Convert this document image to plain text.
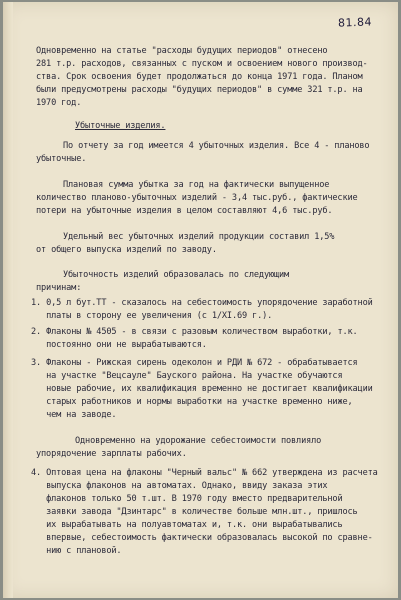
81.84
Одновременно на статье "расходы будущих периодов" отнесено
281 т.р. расходов, связанных с пуском и освоением нового производ-
ства. Срок освоения будет продолжаться до конца 1971 года. Планом
были предусмотрены расходы "будущих периодов" в сумме 321 т.р. на
1970 год.
Убыточные изделия.
По отчету за год имеется 4 убыточных изделия. Все 4 - планово
убыточные.
Плановая сумма убытка за год на фактически выпущенное
количество планово-убыточных изделий - 3,4 тыс.руб., фактические
потери на убыточные изделия в целом составляют 4,6 тыс.руб.
Удельный вес убыточных изделий продукции составил 1,5%
от общего выпуска изделий по заводу.
Убыточность изделий образовалась по следующим
причинам:
1. 0,5 л бут.ТТ - сказалось на себестоимость упорядочение заработной
платы в сторону ее увеличения (с 1/XI.69 г.).
2. Флаконы № 4505 - в связи с разовым количеством выработки, т.к.
постоянно они не вырабатываются.
3. Флаконы - Рижская сирень одеколон и РДИ № 672 - обрабатывается
на участке "Вецсауле" Бауского района. На участке обучаются
новые рабочие, их квалификация временно не достигает квалификации
старых работников и нормы выработки на участке временно ниже,
чем на заводе.
Одновременно на удорожание себестоимости повлияло
упорядочение зарплаты рабочих.
4. Оптовая цена на флаконы "Черный вальс" № 662 утверждена из расчета
выпуска флаконов на автоматах. Однако, ввиду заказа этих
флаконов только 50 т.шт. В 1970 году вместо предварительной
заявки завода "Дзинтарс" в количестве больше млн.шт., пришлось
их вырабатывать на полуавтоматах и, т.к. они вырабатывались
впервые, себестоимость фактически образовалась высокой по сравне-
нию с плановой.
